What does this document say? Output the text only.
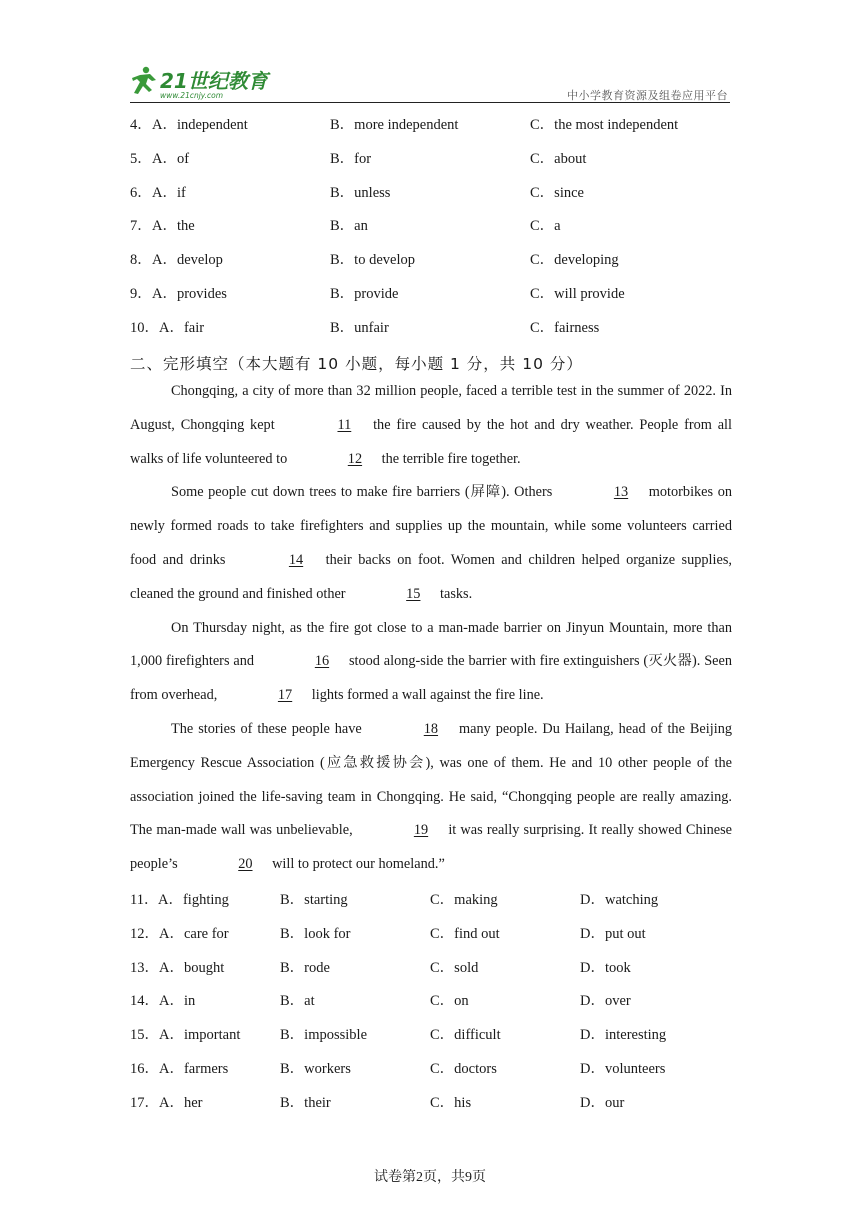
21世纪教育
www.21cnjy.com	中小学教育资源及组卷应用平台
4． A．independent	B．more independent	C．the most independent
5． A．of	B．for	C．about
6． A．if	B．unless	C．since
7． A．the	B．an	C．a
8． A．develop	B．to develop	C．developing
9． A．provides	B．provide	C．will provide
10． A．fair	B．unfair	C．fairness
二、完形填空（本大题有 10 小题，每小题 1 分，共 10 分）

Chongqing, a city of more than 32 million people, faced a terrible test in the summer of 2022. In August, Chongqing kept	11 the fire caused by the hot and dry weather. People from all walks of life volunteered to	12 the terrible fire together.

Some people cut down trees to make fire barriers (屏障). Others	13 motorbikes on newly formed roads to take firefighters and supplies up the mountain, while some volunteers carried food and drinks	14 their backs on foot. Women and children helped organize supplies, cleaned the ground and finished other	15 tasks.

On Thursday night, as the fire got close to a man-made barrier on Jinyun Mountain, more than 1,000 firefighters and	16 stood along-side the barrier with fire extinguishers (灭火器). Seen from overhead,	17 lights formed a wall against the fire line.

The stories of these people have	18 many people. Du Hailang, head of the Beijing Emergency Rescue Association (应急救援协会), was one of them. He and 10 other people of the association joined the life-saving team in Chongqing. He said, “Chongqing people are really amazing. The man-made wall was unbelievable,	19 it was really surprising. It really showed Chinese people’s	20 will to protect our homeland.”

11． A．fighting	B．starting	C．making	D．watching
12． A．care for	B．look for	C．find out	D．put out
13． A．bought	B．rode	C．sold	D．took
14． A．in	B．at	C．on	D．over
15． A．important	B．impossible	C．difficult	D．interesting
16． A．farmers	B．workers	C．doctors	D．volunteers
17． A．her	B．their	C．his	D．our
试卷第2页，共9页
